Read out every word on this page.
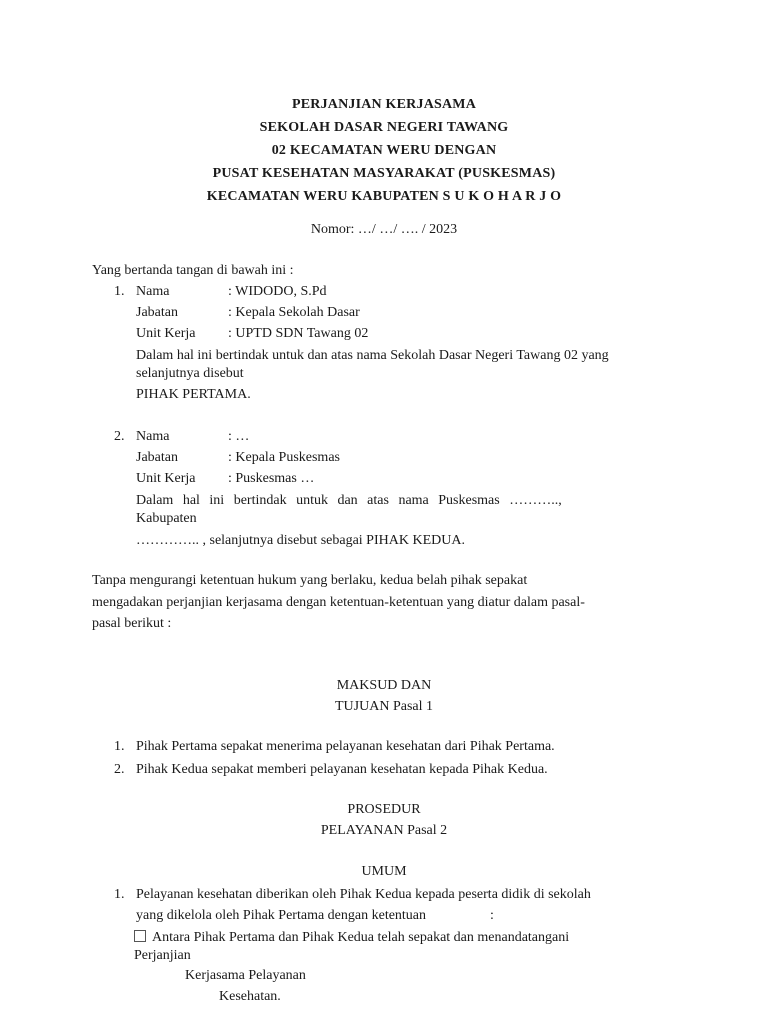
PERJANJIAN KERJASAMA
SEKOLAH DASAR NEGERI TAWANG
02 KECAMATAN WERU DENGAN
PUSAT KESEHATAN MASYARAKAT (PUSKESMAS)
KECAMATAN WERU KABUPATEN S U K O H A R J O
Nomor: …/ …/ …. / 2023
Yang bertanda tangan di bawah ini :
1. Nama	: WIDODO, S.Pd
Jabatan	: Kepala Sekolah Dasar
Unit Kerja : UPTD SDN Tawang 02
Dalam hal ini bertindak untuk dan atas nama Sekolah Dasar Negeri Tawang 02 yang
selanjutnya disebut
PIHAK PERTAMA.
2. Nama	: …
Jabatan	: Kepala Puskesmas
Unit Kerja : Puskesmas …
Dalam hal ini bertindak untuk dan atas nama Puskesmas ………..,
Kabupaten
………….. , selanjutnya disebut sebagai PIHAK KEDUA.
Tanpa mengurangi ketentuan hukum yang berlaku, kedua belah pihak sepakat
mengadakan perjanjian kerjasama dengan ketentuan-ketentuan yang diatur dalam pasal-
pasal berikut :
MAKSUD DAN
TUJUAN Pasal 1
1. Pihak Pertama sepakat menerima pelayanan kesehatan dari Pihak Pertama.
2. Pihak Kedua sepakat memberi pelayanan kesehatan kepada Pihak Kedua.
PROSEDUR
PELAYANAN Pasal 2
UMUM
1. Pelayanan kesehatan diberikan oleh Pihak Kedua kepada peserta didik di sekolah
yang dikelola oleh Pihak Pertama dengan ketentuan	:
Antara Pihak Pertama dan Pihak Kedua telah sepakat dan menandatangani
Perjanjian
Kerjasama Pelayanan
Kesehatan.
